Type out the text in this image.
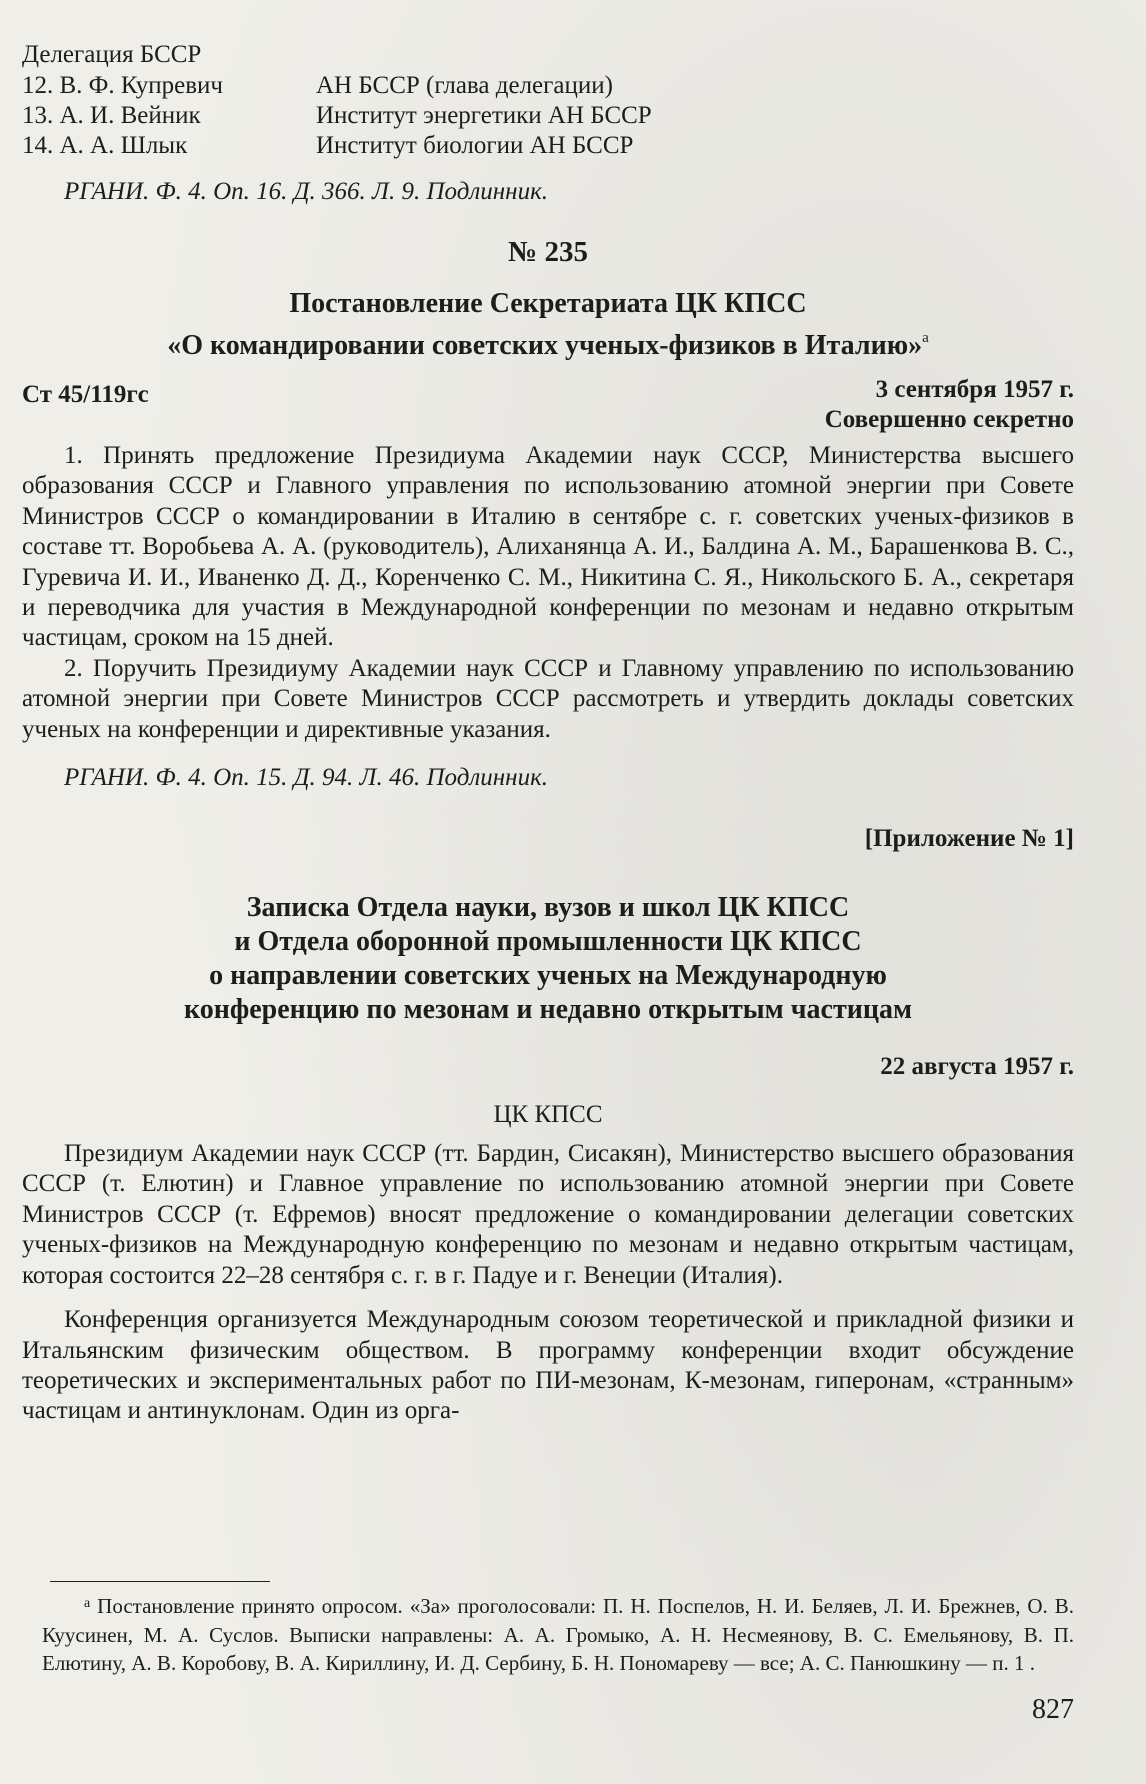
Делегация БССР

12. В. Ф. Купревич	АН БССР (глава делегации)
13. А. И. Вейник	Институт энергетики АН БССР
14. А. А. Шлык	Институт биологии АН БССР

РГАНИ. Ф. 4. Оп. 16. Д. 366. Л. 9. Подлинник.

№ 235

Постановление Секретариата ЦК КПСС
«О командировании советских ученых-физиков в Италию»$^а$

Ст 45/119гс	3 сентября 1957 г.
Совершенно секретно

1. Принять предложение Президиума Академии наук СССР, Министерства высшего образования СССР и Главного управления по использованию атомной энергии при Совете Министров СССР о командировании в Италию в сентябре с. г. советских ученых-физиков в составе тт. Воробьева А. А. (руководитель), Алиханянца А. И., Балдина А. М., Барашенкова В. С., Гуревича И. И., Иваненко Д. Д., Коренченко С. М., Никитина С. Я., Никольского Б. А., секретаря и переводчика для участия в Международной конференции по мезонам и недавно открытым частицам, сроком на 15 дней.

2. Поручить Президиуму Академии наук СССР и Главному управлению по использованию атомной энергии при Совете Министров СССР рассмотреть и утвердить доклады советских ученых на конференции и директивные указания.

РГАНИ. Ф. 4. Оп. 15. Д. 94. Л. 46. Подлинник.

[Приложение № 1]

Записка Отдела науки, вузов и школ ЦК КПСС
и Отдела оборонной промышленности ЦК КПСС
о направлении советских ученых на Международную
конференцию по мезонам и недавно открытым частицам

22 августа 1957 г.

ЦК КПСС

Президиум Академии наук СССР (тт. Бардин, Сисакян), Министерство высшего образования СССР (т. Елютин) и Главное управление по использованию атомной энергии при Совете Министров СССР (т. Ефремов) вносят предложение о командировании делегации советских ученых-физиков на Международную конференцию по мезонам и недавно открытым частицам, которая состоится 22–28 сентября с. г. в г. Падуе и г. Венеции (Италия).

Конференция организуется Международным союзом теоретической и прикладной физики и Итальянским физическим обществом. В программу конференции входит обсуждение теоретических и экспериментальных работ по ПИ-мезонам, К-мезонам, гиперонам, «странным» частицам и антинуклонам. Один из орга-

$^а$ Постановление принято опросом. «За» проголосовали: П. Н. Поспелов, Н. И. Беляев, Л. И. Брежнев, О. В. Куусинен, М. А. Суслов. Выписки направлены: А. А. Громыко, А. Н. Несмеянову, В. С. Емельянову, В. П. Елютину, А. В. Коробову, В. А. Кириллину, И. Д. Сербину, Б. Н. Пономареву — все; А. С. Панюшкину — п. 1 .

827
